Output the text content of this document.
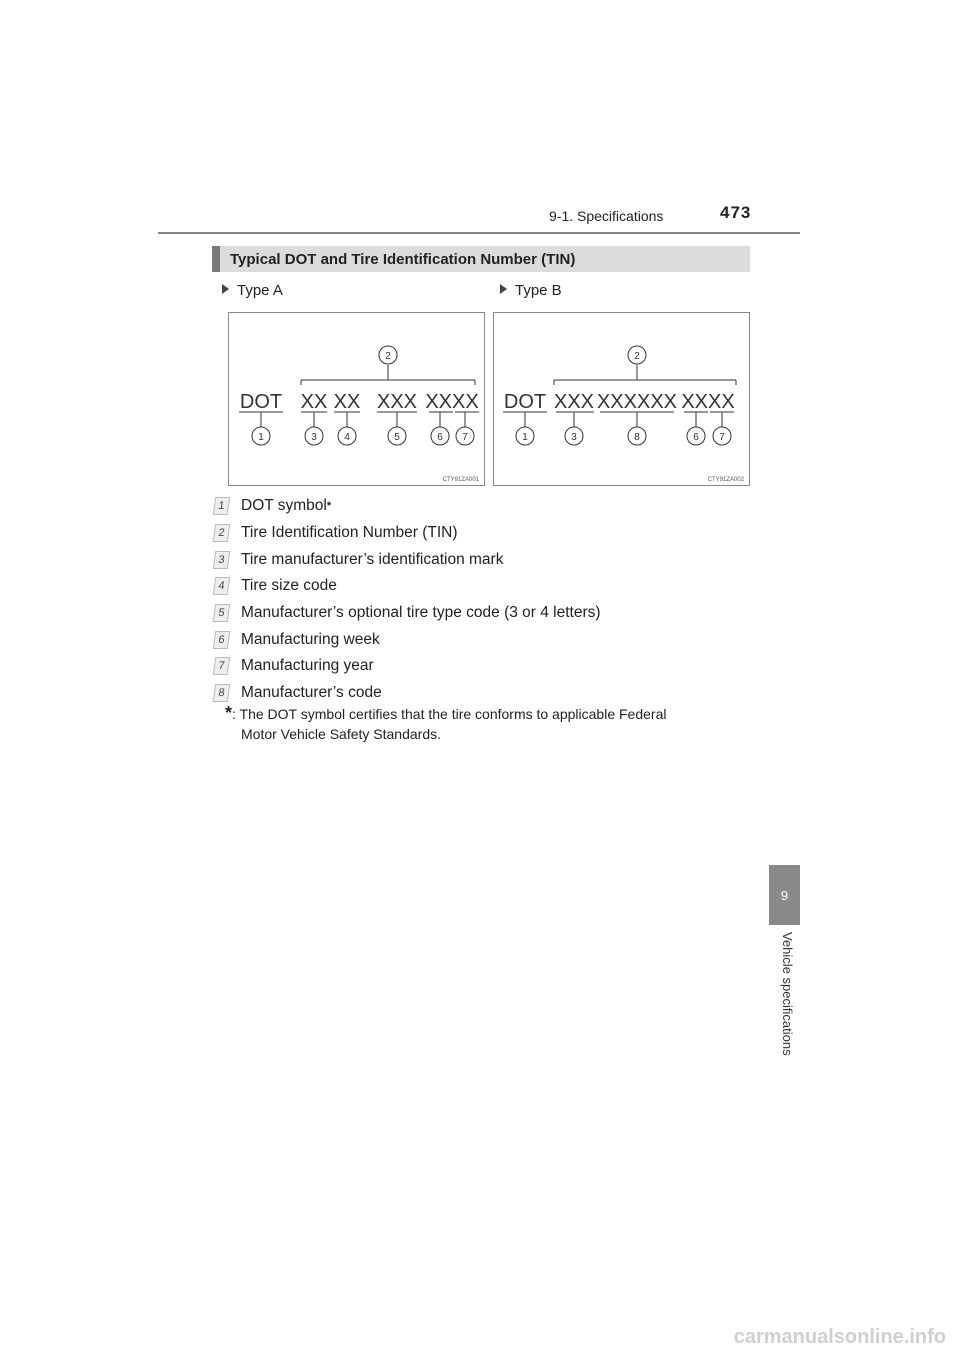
9-1. Specifications	473
9
Vehicle specifications
Typical DOT and Tire Identification Number (TIN)
Type A	Type B
2
DOT XX XX XXX XXXX
1	3	4	5	6 7
CTY91ZA001
2
DOT XXX XXXXXX XXXX
1	3	8	6 7
CTY91ZA002
1	DOT symbol *
2	Tire Identification Number (TIN)
3	Tire manufacturer’s identification mark
4	Tire size code
5	Manufacturer’s optional tire type code (3 or 4 letters)
6	Manufacturing week
7	Manufacturing year
8	Manufacturer’s code
*: The DOT symbol certifies that the tire conforms to applicable Federal
Motor Vehicle Safety Standards.
carmanualsonline.info
